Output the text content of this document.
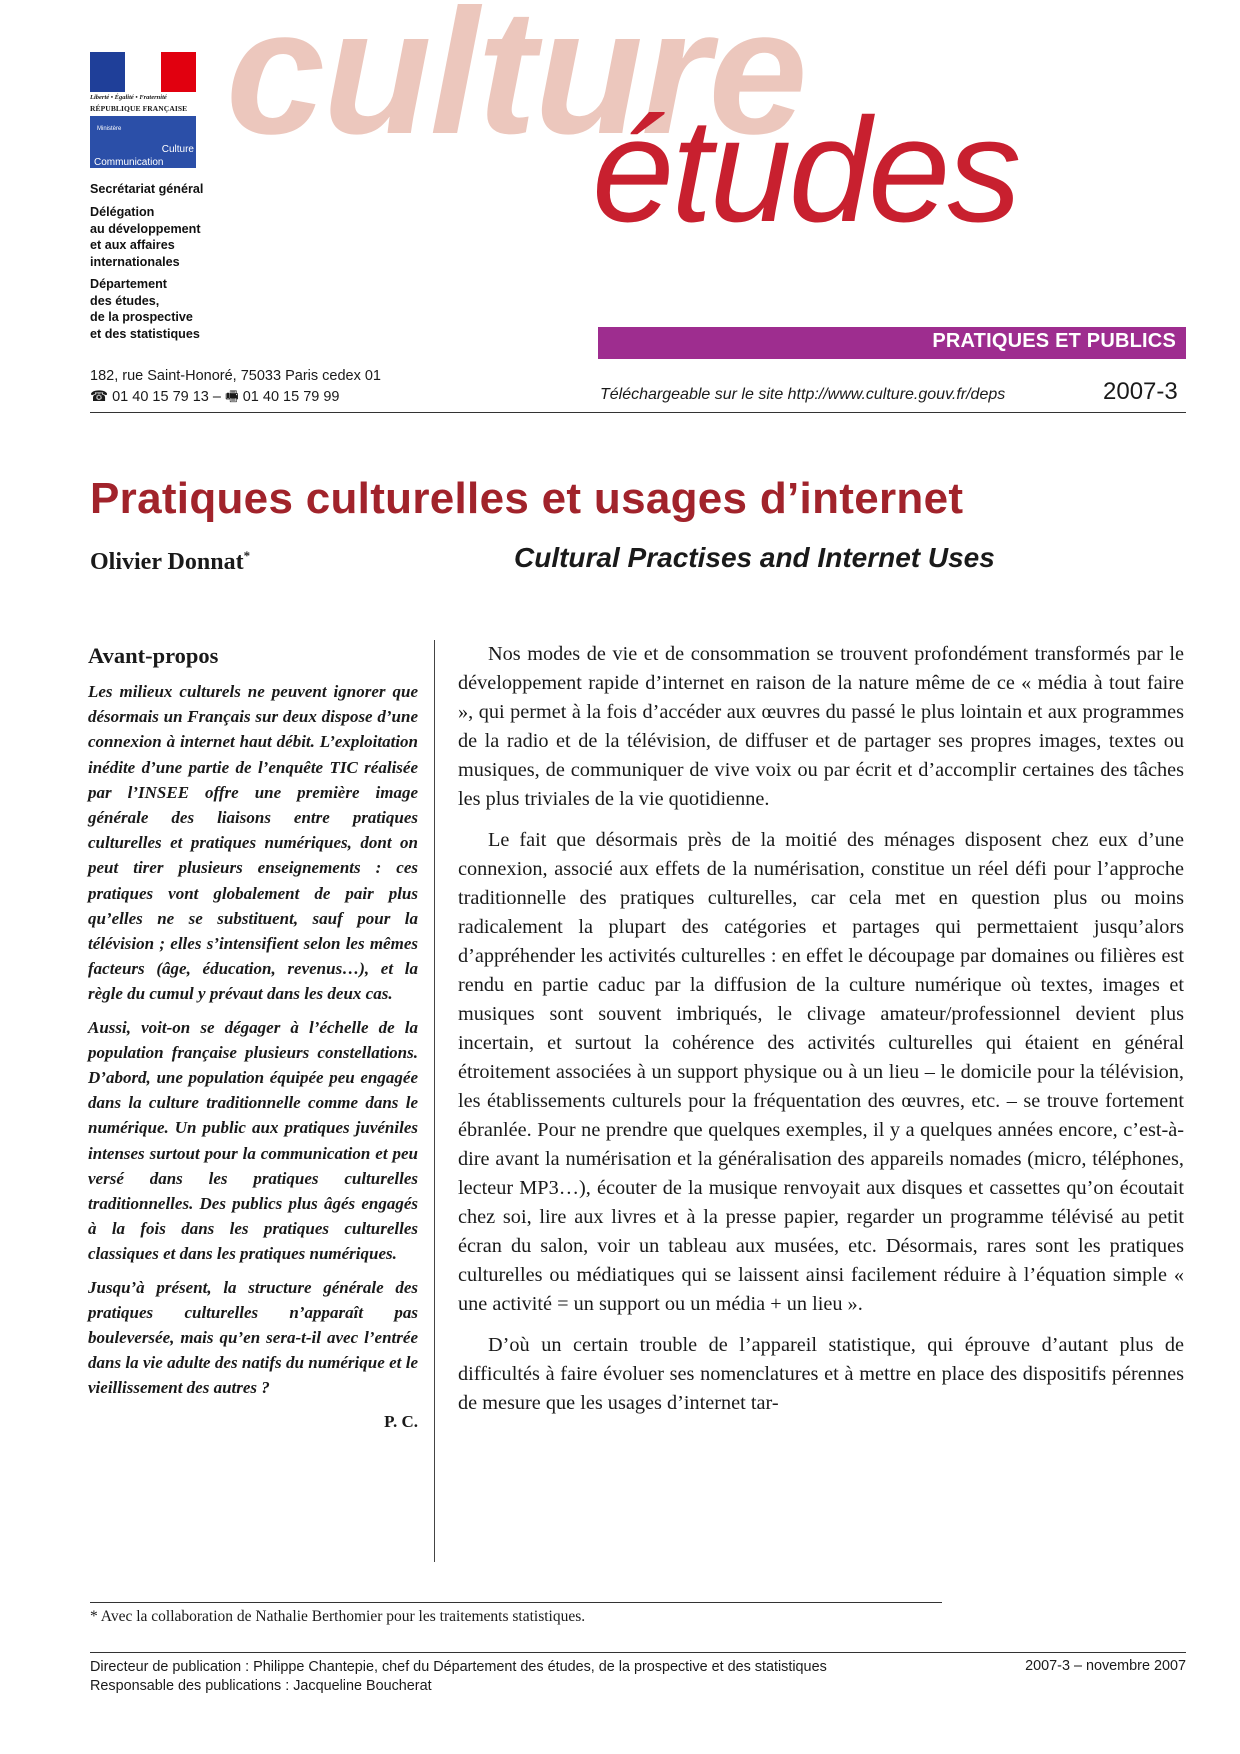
Liberté • Égalité • Fraternité
RÉPUBLIQUE FRANÇAISE
Ministère
Culture
Communication
Secrétariat général
Délégation
au développement
et aux affaires
internationales
Département
des études,
de la prospective
et des statistiques
culture
études
PRATIQUES ET PUBLICS
182, rue Saint-Honoré, 75033 Paris cedex 01
☎ 01 40 15 79 13 – 🖷 01 40 15 79 99	Téléchargeable sur le site http://www.culture.gouv.fr/deps	2007-3
Pratiques culturelles et usages d’internet
Olivier Donnat*	Cultural Practises and Internet Uses
Avant-propos

Les milieux culturels ne peuvent ignorer que désormais un Français sur deux dispose d’une connexion à internet haut débit. L’exploitation inédite d’une partie de l’enquête TIC réalisée par l’INSEE offre une première image générale des liaisons entre pratiques culturelles et pratiques numériques, dont on peut tirer plusieurs enseignements : ces pratiques vont globalement de pair plus qu’elles ne se substituent, sauf pour la télévision ; elles s’intensifient selon les mêmes facteurs (âge, éducation, revenus…), et la règle du cumul y prévaut dans les deux cas.

Aussi, voit-on se dégager à l’échelle de la population française plusieurs constellations. D’abord, une population équipée peu engagée dans la culture traditionnelle comme dans le numérique. Un public aux pratiques juvéniles intenses surtout pour la communication et peu versé dans les pratiques culturelles traditionnelles. Des publics plus âgés engagés à la fois dans les pratiques culturelles classiques et dans les pratiques numériques.

Jusqu’à présent, la structure générale des pratiques culturelles n’apparaît pas bouleversée, mais qu’en sera-t-il avec l’entrée dans la vie adulte des natifs du numérique et le vieillissement des autres ?

P. C.

Nos modes de vie et de consommation se trouvent profondément transformés par le développement rapide d’internet en raison de la nature même de ce « média à tout faire », qui permet à la fois d’accéder aux œuvres du passé le plus lointain et aux programmes de la radio et de la télévision, de diffuser et de partager ses propres images, textes ou musiques, de communiquer de vive voix ou par écrit et d’accomplir certaines des tâches les plus triviales de la vie quotidienne.

Le fait que désormais près de la moitié des ménages disposent chez eux d’une connexion, associé aux effets de la numérisation, constitue un réel défi pour l’approche traditionnelle des pratiques culturelles, car cela met en question plus ou moins radicalement la plupart des catégories et partages qui permettaient jusqu’alors d’appréhender les activités culturelles : en effet le découpage par domaines ou filières est rendu en partie caduc par la diffusion de la culture numérique où textes, images et musiques sont souvent imbriqués, le clivage amateur/professionnel devient plus incertain, et surtout la cohérence des activités culturelles qui étaient en général étroitement associées à un support physique ou à un lieu – le domicile pour la télévision, les établissements culturels pour la fréquentation des œuvres, etc. – se trouve fortement ébranlée. Pour ne prendre que quelques exemples, il y a quelques années encore, c’est-à-dire avant la numérisation et la généralisation des appareils nomades (micro, téléphones, lecteur MP3…), écouter de la musique renvoyait aux disques et cassettes qu’on écoutait chez soi, lire aux livres et à la presse papier, regarder un programme télévisé au petit écran du salon, voir un tableau aux musées, etc. Désormais, rares sont les pratiques culturelles ou médiatiques qui se laissent ainsi facilement réduire à l’équation simple « une activité = un support ou un média + un lieu ».

D’où un certain trouble de l’appareil statistique, qui éprouve d’autant plus de difficultés à faire évoluer ses nomenclatures et à mettre en place des dispositifs pérennes de mesure que les usages d’internet tar-

* Avec la collaboration de Nathalie Berthomier pour les traitements statistiques.
Directeur de publication : Philippe Chantepie, chef du Département des études, de la prospective et des statistiques
Responsable des publications : Jacqueline Boucherat
2007-3 – novembre 2007
